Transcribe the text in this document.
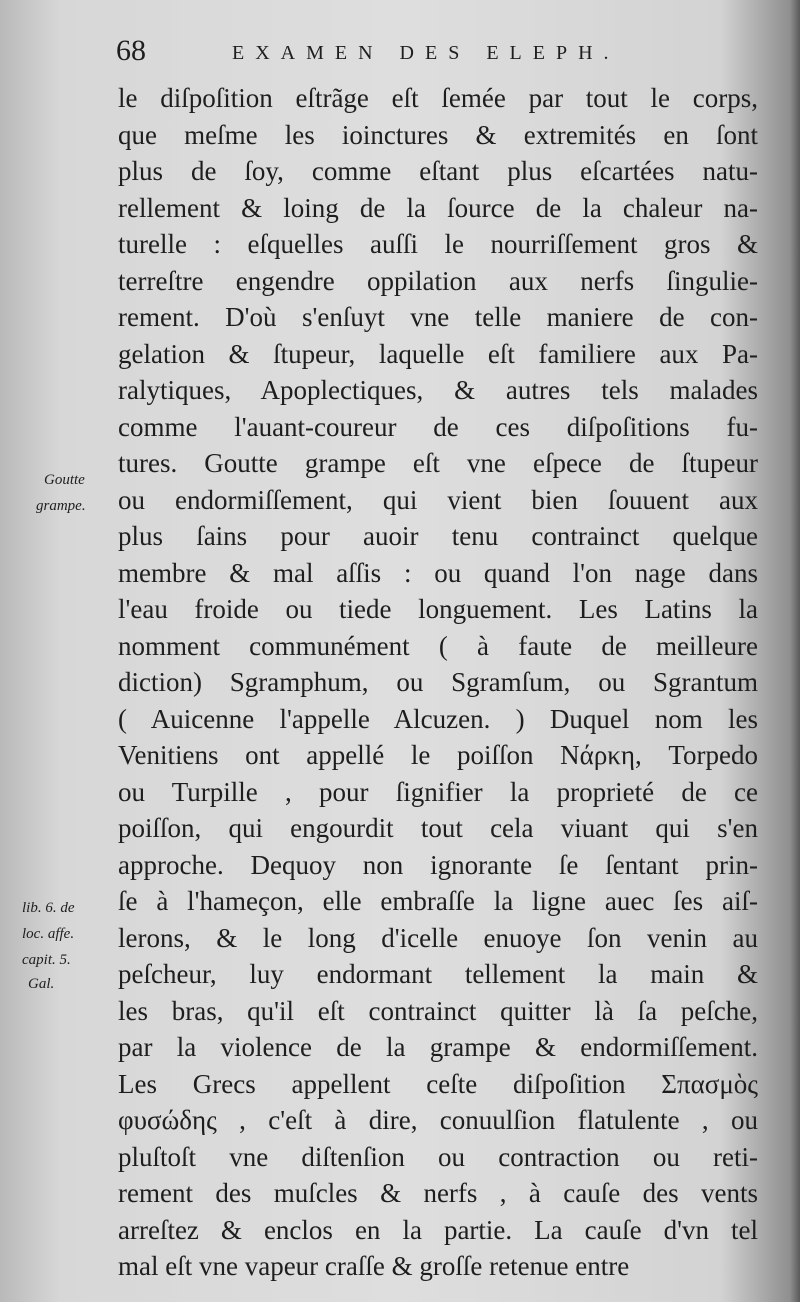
68	EXAMEN DES ELEPH.
le diſpoſition eſtrãge eſt ſemée par tout le corps,
que meſme les ioinctures & extremités en ſont
plus de ſoy, comme eſtant plus eſcartées natu-
rellement & loing de la ſource de la chaleur na-
turelle : eſquelles auſſi le nourriſſement gros &
terreſtre engendre oppilation aux nerfs ſingulie-
rement. D'où s'enſuyt vne telle maniere de con-
gelation & ſtupeur, laquelle eſt familiere aux Pa-
ralytiques, Apoplectiques, & autres tels malades
comme l'auant-coureur de ces diſpoſitions fu-
tures. Goutte grampe eſt vne eſpece de ſtupeur
ou endormiſſement, qui vient bien ſouuent aux
plus ſains pour auoir tenu contrainct quelque
membre & mal aſſis : ou quand l'on nage dans
l'eau froide ou tiede longuement. Les Latins la
nomment communément ( à faute de meilleure
diction) Sgramphum, ou Sgramſum, ou Sgrantum
( Auicenne l'appelle Alcuzen. ) Duquel nom les
Venitiens ont appellé le poiſſon Νάρκη, Torpedo
ou Turpille , pour ſignifier la proprieté de ce
poiſſon, qui engourdit tout cela viuant qui s'en
approche. Dequoy non ignorante ſe ſentant prin-
ſe à l'hameçon, elle embraſſe la ligne auec ſes aiſ-
lerons, & le long d'icelle enuoye ſon venin au
peſcheur, luy endormant tellement la main &
les bras, qu'il eſt contrainct quitter là ſa peſche,
par la violence de la grampe & endormiſſement.
Les Grecs appellent ceſte diſpoſition Σπασμὸς
φυσώδης , c'eſt à dire, conuulſion flatulente , ou
pluſtoſt vne diſtenſion ou contraction ou reti-
rement des muſcles & nerfs , à cauſe des vents
arreſtez & enclos en la partie. La cauſe d'vn tel
mal eſt vne vapeur craſſe & groſſe retenue entre
Goutte
grampe.
lib. 6. de
loc. affe.
capit. 5.
Gal.
